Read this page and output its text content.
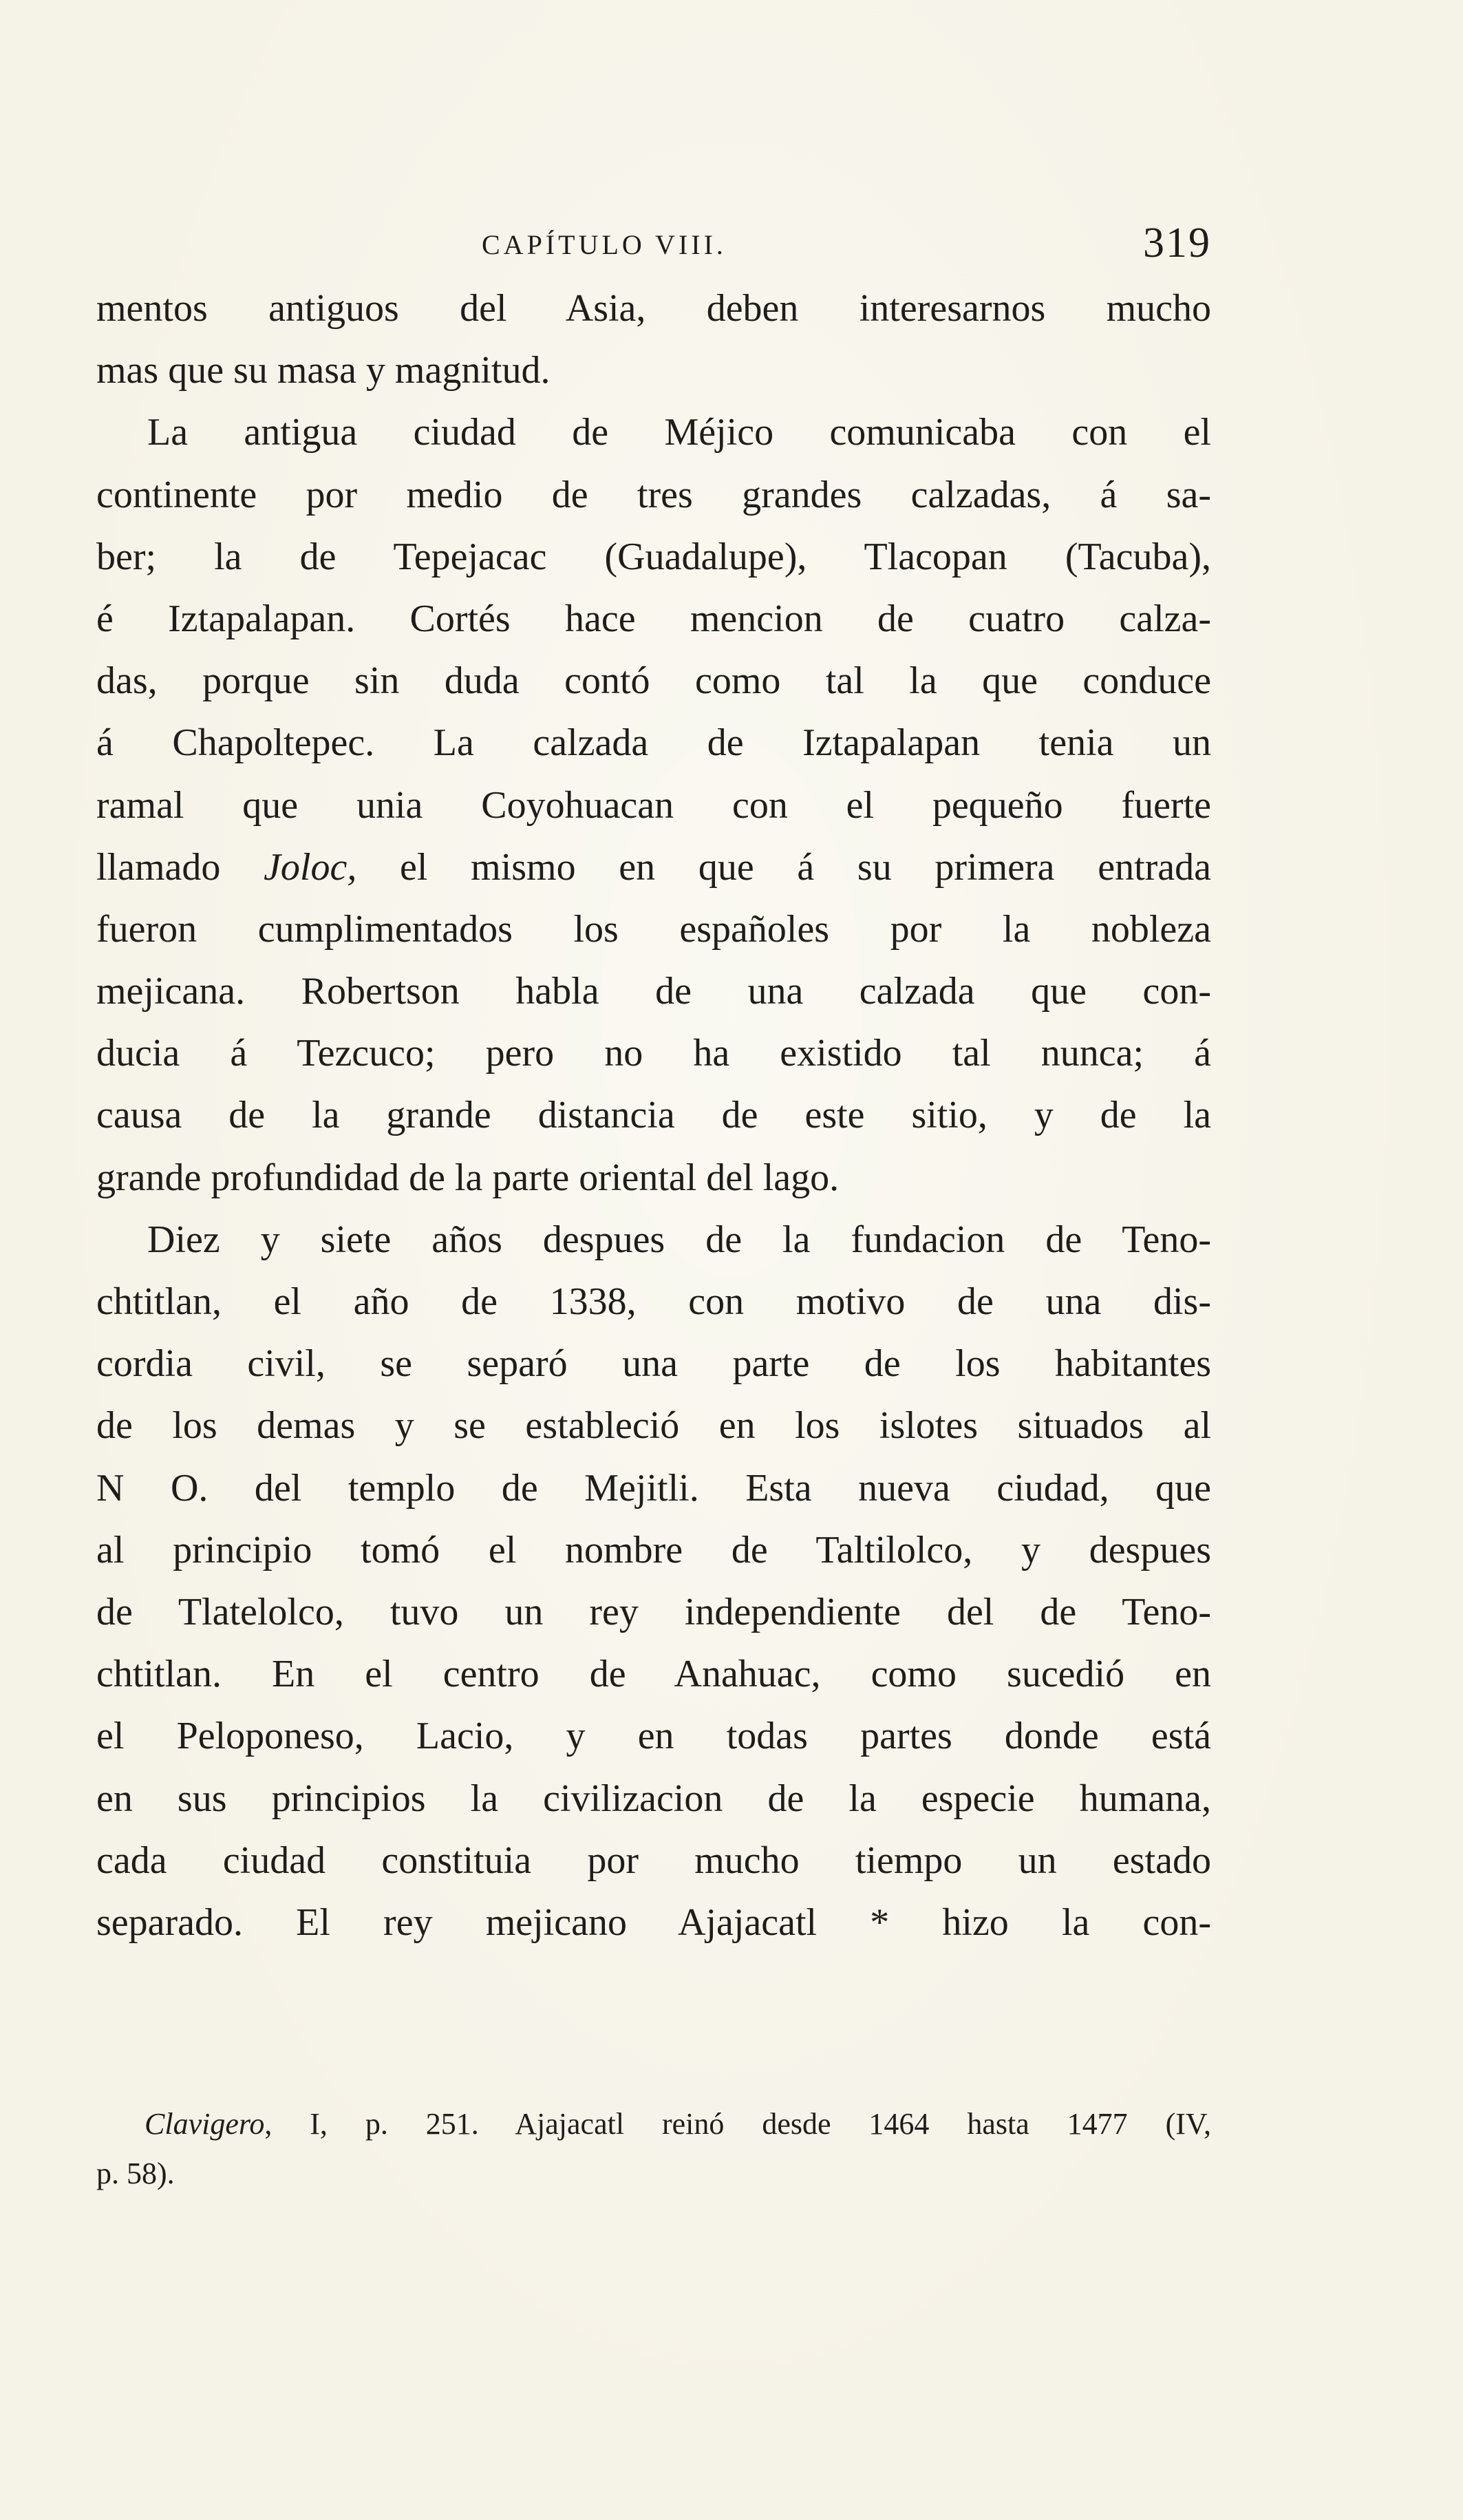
CAPÍTULO VIII.	319
mentos antiguos del Asia, deben interesarnos mucho
mas que su masa y magnitud.
La antigua ciudad de Méjico comunicaba con el
continente por medio de tres grandes calzadas, á sa-
ber; la de Tepejacac (Guadalupe), Tlacopan (Tacuba),
é Iztapalapan. Cortés hace mencion de cuatro calza-
das, porque sin duda contó como tal la que conduce
á Chapoltepec. La calzada de Iztapalapan tenia un
ramal que unia Coyohuacan con el pequeño fuerte
llamado Joloc, el mismo en que á su primera entrada
fueron cumplimentados los españoles por la nobleza
mejicana. Robertson habla de una calzada que con-
ducia á Tezcuco; pero no ha existido tal nunca; á
causa de la grande distancia de este sitio, y de la
grande profundidad de la parte oriental del lago.
Diez y siete años despues de la fundacion de Teno-
chtitlan, el año de 1338, con motivo de una dis-
cordia civil, se separó una parte de los habitantes
de los demas y se estableció en los islotes situados al
N O. del templo de Mejitli. Esta nueva ciudad, que
al principio tomó el nombre de Taltilolco, y despues
de Tlatelolco, tuvo un rey independiente del de Teno-
chtitlan. En el centro de Anahuac, como sucedió en
el Peloponeso, Lacio, y en todas partes donde está
en sus principios la civilizacion de la especie humana,
cada ciudad constituia por mucho tiempo un estado
separado. El rey mejicano Ajajacatl * hizo la con-
Clavigero, I, p. 251. Ajajacatl reinó desde 1464 hasta 1477 (IV,
p. 58).
